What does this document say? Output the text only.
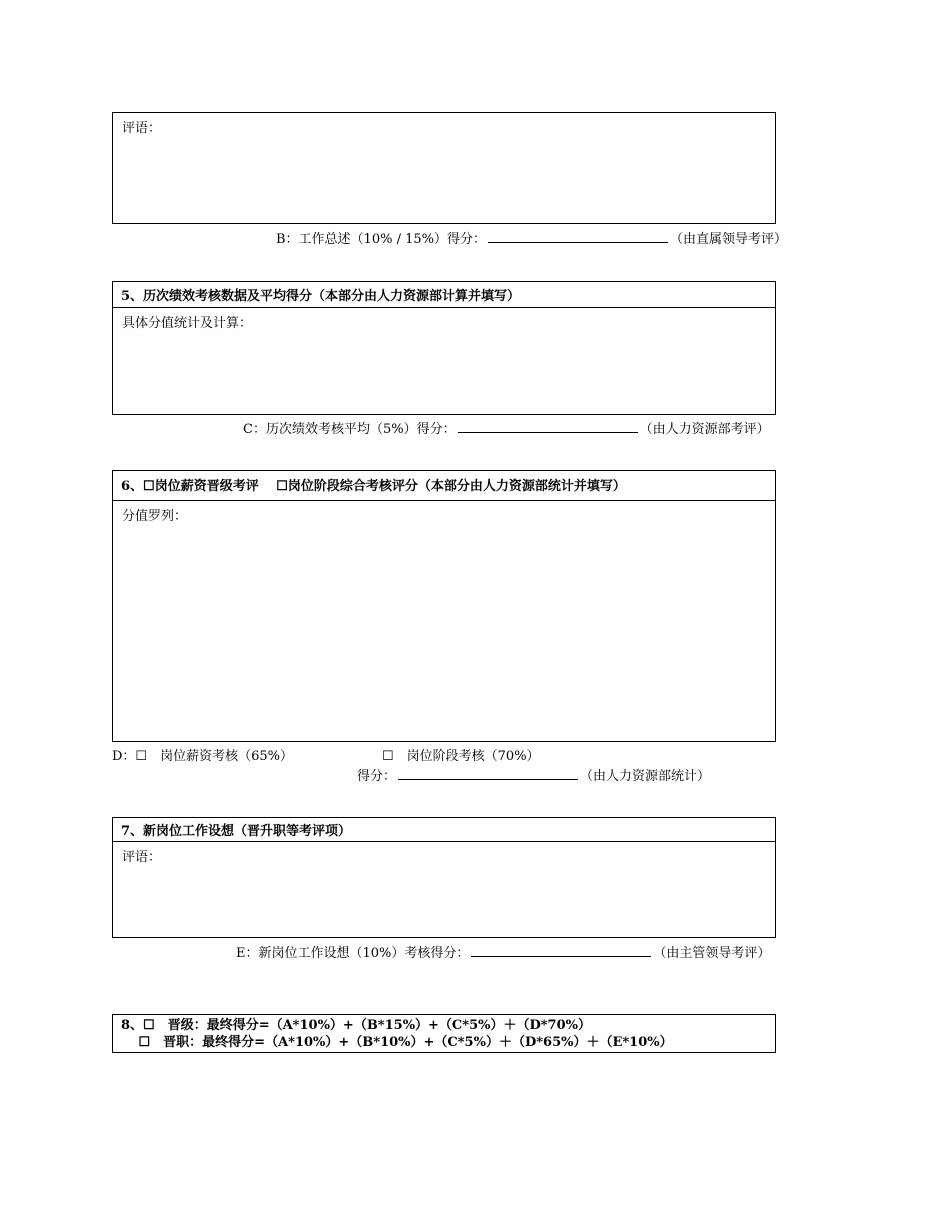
评语：
B：工作总述（10% / 15%）得分：	（由直属领导考评）
5、历次绩效考核数据及平均得分（本部分由人力资源部计算并填写）
具体分值统计及计算：
C：历次绩效考核平均（5%）得分：	（由人力资源部考评）
6、☐岗位薪资晋级考评　 ☐岗位阶段综合考核评分（本部分由人力资源部统计并填写）
分值罗列：
D：☐　岗位薪资考核（65%）	☐　岗位阶段考核（70%）
得分：	（由人力资源部统计）
7、新岗位工作设想（晋升职等考评项）
评语：
E：新岗位工作设想（10%）考核得分：	（由主管领导考评）
8、☐　晋级：最终得分=（A*10%）+（B*15%）+（C*5%）＋（D*70%）
　 ☐　晋职：最终得分=（A*10%）+（B*10%）+（C*5%）＋（D*65%）＋（E*10%）
